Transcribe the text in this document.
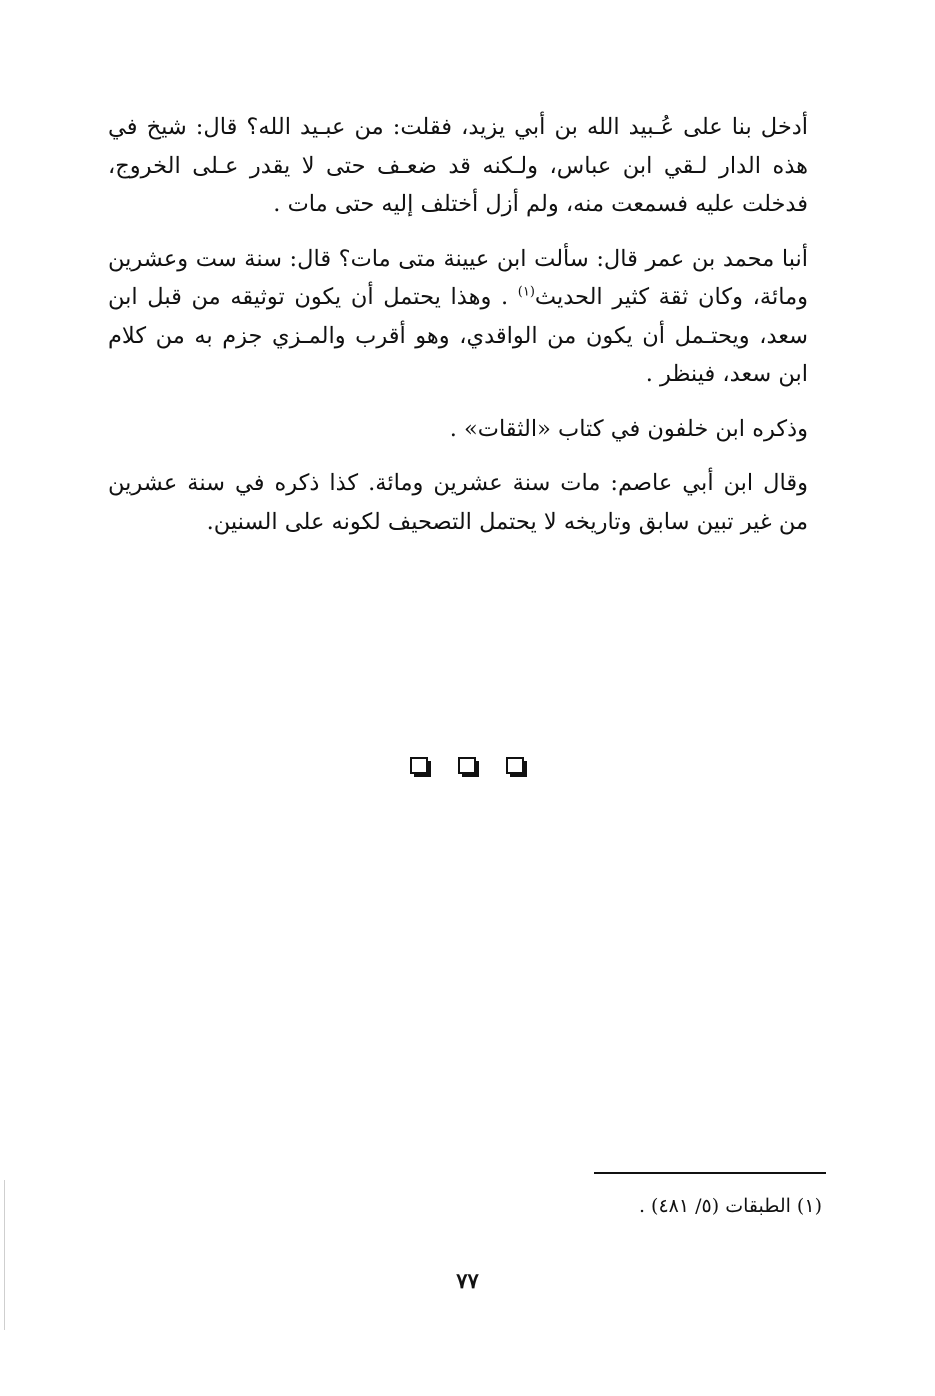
أدخل بنا على عُـبيد الله بن أبي يزيد، فقلت: من عبـيد الله؟ قال: شيخ في هذه الدار لـقي ابن عباس، ولـكنه قد ضعـف حتى لا يقدر عـلى الخروج، فدخلت عليه فسمعت منه، ولم أزل أختلف إليه حتى مات .

أنبا محمد بن عمر قال: سألت ابن عيينة متى مات؟ قال: سنة ست وعشرين ومائة، وكان ثقة كثير الحديث$^{(١)}$ . وهذا يحتمل أن يكون توثيقه من قبل ابن سعد، ويحتـمل أن يكون من الواقدي، وهو أقرب والمـزي جزم به من كلام ابن سعد، فينظر .

وذكره ابن خلفون في كتاب «الثقات» .

وقال ابن أبي عاصم: مات سنة عشرين ومائة. كذا ذكره في سنة عشرين من غير تبين سابق وتاريخه لا يحتمل التصحيف لكونه على السنين.

(١) الطبقات (٥/ ٤٨١) .
٧٧
